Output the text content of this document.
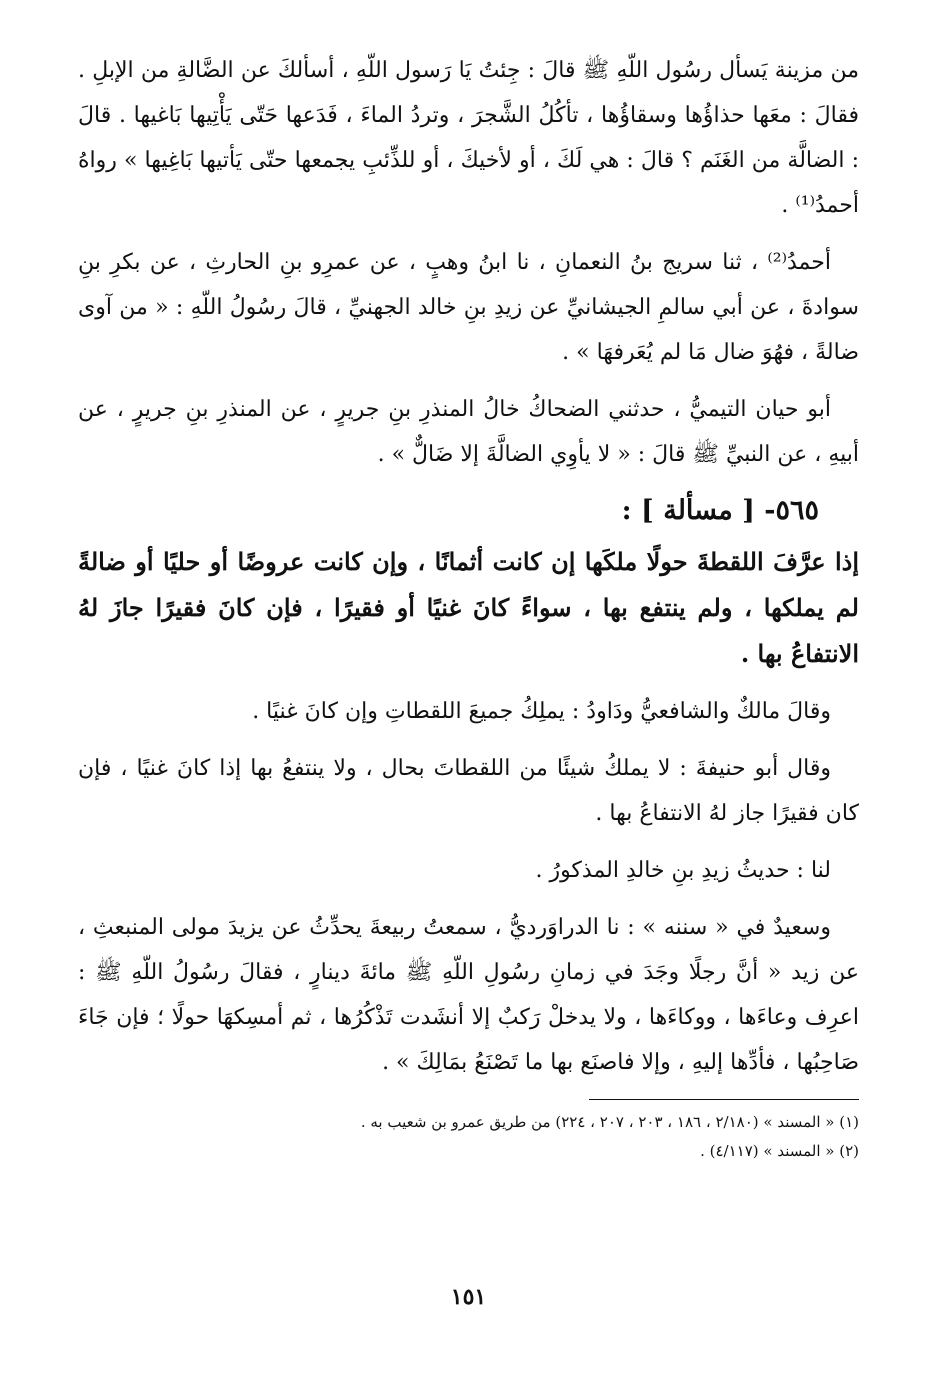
من مزينة يَسأل رسُول اللّهِ ﷺ قالَ : جِئتُ يَا رَسول اللّهِ ، أسألكَ عن الضَّالةِ من الإبلِ . فقالَ : معَها حذاؤُها وسقاؤُها ، تأكُلُ الشَّجرَ ، وتردُ الماءَ ، فَدَعها حَتّى يَأْتِيها بَاغيها . قالَ : الضالَّة من الغَنَم ؟ قالَ : هي لَكَ ، أو لأخيكَ ، أو للذِّئبِ يجمعها حتّى يَأتيها بَاغِيها » رواهُ أحمدُ⁽¹⁾ .

أحمدُ⁽²⁾ ، ثنا سريج بنُ النعمانِ ، نا ابنُ وهبٍ ، عن عمرِو بنِ الحارثِ ، عن بكرِ بنِ سوادةَ ، عن أبي سالمِ الجيشانيِّ عن زيدِ بنِ خالد الجهنيِّ ، قالَ رسُولُ اللّهِ : « من آوى ضالةً ، فهُوَ ضال مَا لم يُعَرفهَا » .

أبو حيان التيميُّ ، حدثني الضحاكُ خالُ المنذرِ بنِ جريرٍ ، عن المنذرِ بنِ جريرٍ ، عن أبيهِ ، عن النبيِّ ﷺ قالَ : « لا يأوِي الضالَّةَ إلا ضَالٌّ » .

٥٦٥- [ مسألة ] :

إذا عرَّفَ اللقطةَ حولًا ملكَها إن كانت أثمانًا ، وإن كانت عروضًا أو حليًا أو ضالةً لم يملكها ، ولم ينتفع بها ، سواءً كانَ غنيًا أو فقيرًا ، فإن كانَ فقيرًا جازَ لهُ الانتفاعُ بها .

وقالَ مالكٌ والشافعيُّ ودَاودُ : يملِكُ جميعَ اللقطاتِ وإن كانَ غنيًا .

وقال أبو حنيفةَ : لا يملكُ شيئًا من اللقطاتَ بحال ، ولا ينتفعُ بها إذا كانَ غنيًا ، فإن كان فقيرًا جاز لهُ الانتفاعُ بها .

لنا : حديثُ زيدِ بنِ خالدِ المذكورُ .

وسعيدٌ في « سننه » : نا الدراوَرديُّ ، سمعتُ ربيعةَ يحدِّثُ عن يزيدَ مولى المنبعثِ ، عن زيد « أنَّ رجلًا وجَدَ في زمانِ رسُولِ اللّهِ ﷺ مائةَ دينارٍ ، فقالَ رسُولُ اللّهِ ﷺ : اعرِف وعاءَها ، ووكاءَها ، ولا يدخلْ رَكبٌ إلا أنشَدت تَذْكُرُها ، ثم أمسِكهَا حولًا ؛ فإن جَاءَ صَاحِبُها ، فأدِّها إليهِ ، وإلا فاصنَع بها ما تَصْنَعُ بمَالِكَ » .

(١) « المسند » (٢/١٨٠ ، ١٨٦ ، ٢٠٣ ، ٢٠٧ ، ٢٢٤) من طريق عمرو بن شعيب به .

(٢) « المسند » (٤/١١٧) .

١٥١
